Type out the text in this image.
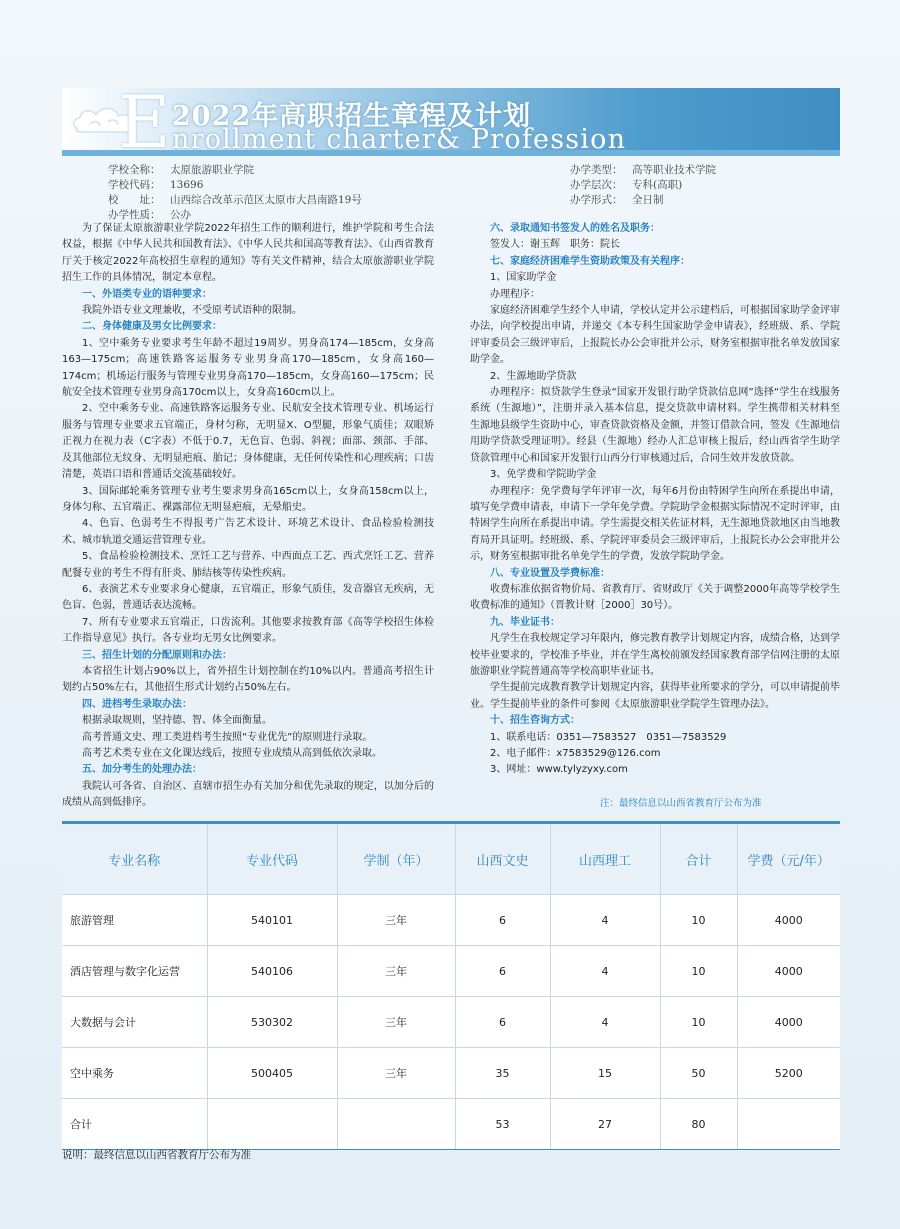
E 2022年高职招生章程及计划
nrollment charter& Profession
学校全称： 太原旅游职业学院
学校代码： 13696
校　　址： 山西综合改革示范区太原市大昌南路19号
办学性质： 公办
办学类型： 高等职业技术学院
办学层次： 专科(高职)
办学形式： 全日制

为了保证太原旅游职业学院2022年招生工作的顺利进行，维护学院和考生合法权益，根据《中华人民共和国教育法》、《中华人民共和国高等教育法》、《山西省教育厅关于核定2022年高校招生章程的通知》等有关文件精神，结合太原旅游职业学院招生工作的具体情况，制定本章程。

一、外语类专业的语种要求：

我院外语专业文理兼收，不受原考试语种的限制。

二、身体健康及男女比例要求：

1、空中乘务专业要求考生年龄不超过19周岁。男身高174—185cm，女身高163—175cm；高速铁路客运服务专业男身高170—185cm，女身高160—174cm；机场运行服务与管理专业男身高170—185cm，女身高160—175cm；民航安全技术管理专业男身高170cm以上，女身高160cm以上。

2、空中乘务专业、高速铁路客运服务专业、民航安全技术管理专业、机场运行服务与管理专业要求五官端正，身材匀称，无明显X、O型腿，形象气质佳；双眼矫正视力在视力表（C字表）不低于0.7，无色盲、色弱、斜视；面部、颈部、手部、及其他部位无纹身、无明显疤痕、胎记；身体健康，无任何传染性和心理疾病；口齿清楚，英语口语和普通话交流基础较好。

3、国际邮轮乘务管理专业考生要求男身高165cm以上，女身高158cm以上，身体匀称、五官端正、裸露部位无明显疤痕，无晕船史。

4、色盲、色弱考生不得报考广告艺术设计、环境艺术设计、食品检验检测技术、城市轨道交通运营管理专业。

5、食品检验检测技术、烹饪工艺与营养、中西面点工艺、西式烹饪工艺、营养配餐专业的考生不得有肝炎、肺结核等传染性疾病。

6、表演艺术专业要求身心健康，五官端正，形象气质佳，发音器官无疾病，无色盲、色弱，普通话表达流畅。

7、所有专业要求五官端正，口齿流利。其他要求按教育部《高等学校招生体检工作指导意见》执行。各专业均无男女比例要求。

三、招生计划的分配原则和办法：

本省招生计划占90%以上，省外招生计划控制在约10%以内。普通高考招生计划约占50%左右，其他招生形式计划约占50%左右。

四、进档考生录取办法：

根据录取规则，坚持德、智、体全面衡量。

高考普通文史、理工类进档考生按照“专业优先”的原则进行录取。

高考艺术类专业在文化课达线后，按照专业成绩从高到低依次录取。

五、加分考生的处理办法：

我院认可各省、自治区、直辖市招生办有关加分和优先录取的规定，以加分后的成绩从高到低排序。

六、录取通知书签发人的姓名及职务：

签发人：谢玉辉　职务：院长

七、家庭经济困难学生资助政策及有关程序：

1、国家助学金

办理程序：

家庭经济困难学生经个人申请，学校认定并公示建档后，可根据国家助学金评审办法，向学校提出申请，并递交《本专科生国家助学金申请表》，经班级、系、学院评审委员会三级评审后，上报院长办公会审批并公示，财务室根据审批名单发放国家助学金。

2、生源地助学贷款

办理程序：拟贷款学生登录“国家开发银行助学贷款信息网”选择“学生在线服务系统（生源地）”，注册并录入基本信息，提交贷款申请材料。学生携带相关材料至生源地县级学生资助中心，审查贷款资格及金额，并签订借款合同，签发《生源地信用助学贷款受理证明》。经县（生源地）经办人汇总审核上报后，经山西省学生助学贷款管理中心和国家开发银行山西分行审核通过后，合同生效并发放贷款。

3、免学费和学院助学金

办理程序：免学费每学年评审一次，每年6月份由特困学生向所在系提出申请，填写免学费申请表，申请下一学年免学费。学院助学金根据实际情况不定时评审，由特困学生向所在系提出申请。学生需提交相关佐证材料，无生源地贷款地区由当地教育局开具证明。经班级、系、学院评审委员会三级评审后，上报院长办公会审批并公示，财务室根据审批名单免学生的学费，发放学院助学金。

八、专业设置及学费标准：

收费标准依据省物价局、省教育厅、省财政厅《关于调整2000年高等学校学生收费标准的通知》（晋教计财［2000］30号）。

九、毕业证书：

凡学生在我校规定学习年限内，修完教育教学计划规定内容，成绩合格，达到学校毕业要求的，学校准予毕业，并在学生离校前颁发经国家教育部学信网注册的太原旅游职业学院普通高等学校高职毕业证书。

学生提前完成教育教学计划规定内容，获得毕业所要求的学分，可以申请提前毕业。学生提前毕业的条件可参阅《太原旅游职业学院学生管理办法》。

十、招生咨询方式：

1、联系电话：0351—7583527　0351—7583529

2、电子邮件：x7583529@126.com

3、网址：www.tylyzyxy.com

注：最终信息以山西省教育厅公布为准
专业名称	专业代码	学制（年）	山西文史	山西理工	合计	学费（元/年）
旅游管理	540101	三年	6	4	10	4000
酒店管理与数字化运营	540106	三年	6	4	10	4000
大数据与会计	530302	三年	6	4	10	4000
空中乘务	500405	三年	35	15	50	5200
合计			53	27	80	
说明：最终信息以山西省教育厅公布为准
